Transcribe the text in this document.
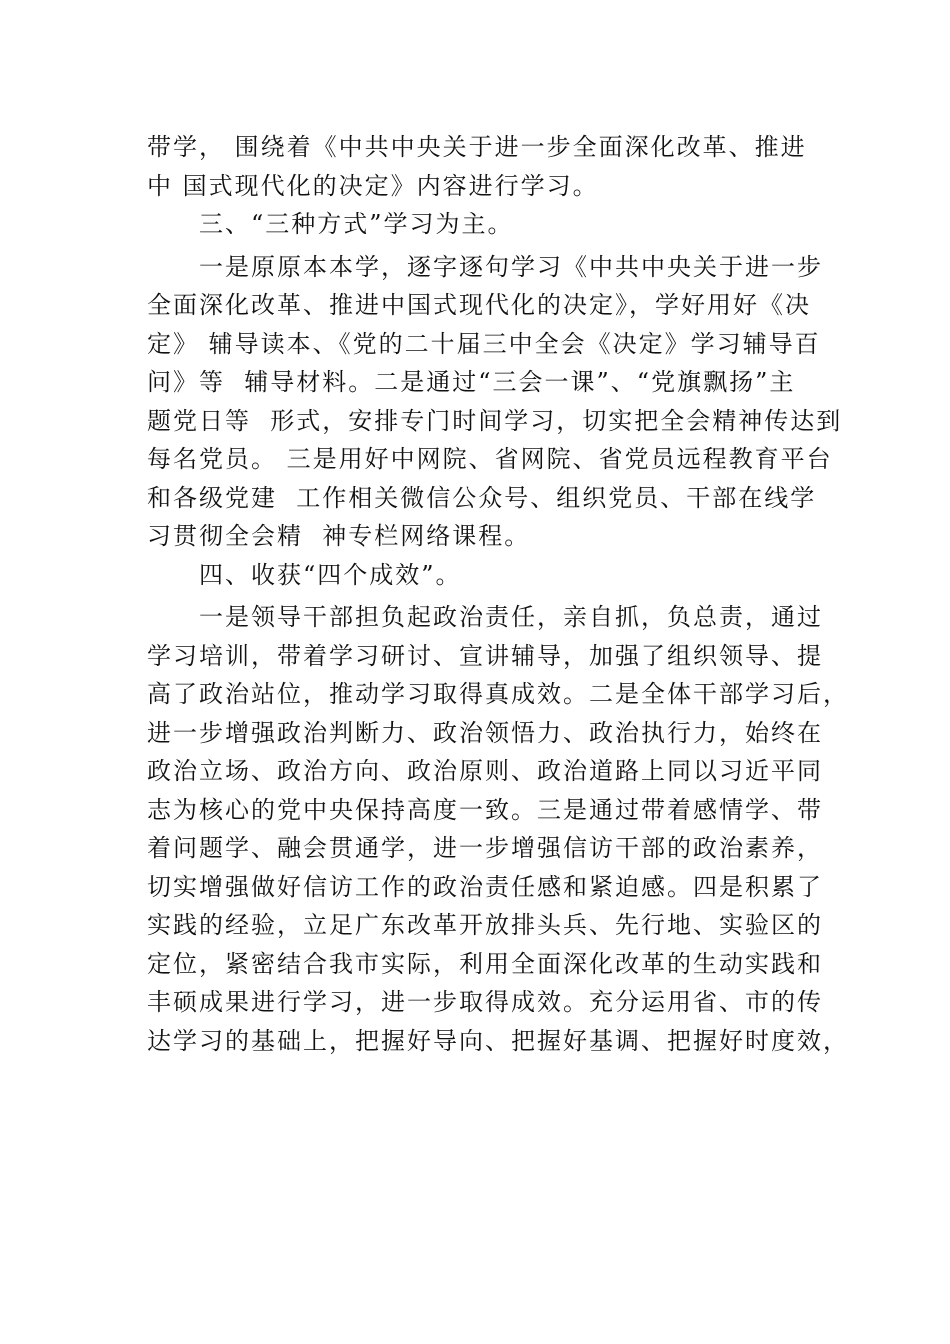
带学， 围绕着《中共中央关于进一步全面深化改革、推进
中 国式现代化的决定》内容进行学习。
三、“三种方式”学习为主。
一是原原本本学，逐字逐句学习《中共中央关于进一步
全面深化改革、推进中国式现代化的决定》，学好用好《决
定》 辅导读本、《党的二十届三中全会《决定》学习辅导百
问》等  辅导材料。二是通过“三会一课”、“党旗飘扬”主
题党日等  形式，安排专门时间学习，切实把全会精神传达到
每名党员。 三是用好中网院、省网院、省党员远程教育平台
和各级党建  工作相关微信公众号、组织党员、干部在线学
习贯彻全会精  神专栏网络课程。
四、收获“四个成效”。
一是领导干部担负起政治责任，亲自抓，负总责，通过
学习培训，带着学习研讨、宣讲辅导，加强了组织领导、提
高了政治站位，推动学习取得真成效。二是全体干部学习后，
进一步增强政治判断力、政治领悟力、政治执行力，始终在
政治立场、政治方向、政治原则、政治道路上同以习近平同
志为核心的党中央保持高度一致。三是通过带着感情学、带
着问题学、融会贯通学，进一步增强信访干部的政治素养，
切实增强做好信访工作的政治责任感和紧迫感。四是积累了
实践的经验，立足广东改革开放排头兵、先行地、实验区的
定位，紧密结合我市实际，利用全面深化改革的生动实践和
丰硕成果进行学习，进一步取得成效。充分运用省、市的传
达学习的基础上，把握好导向、把握好基调、把握好时度效，
